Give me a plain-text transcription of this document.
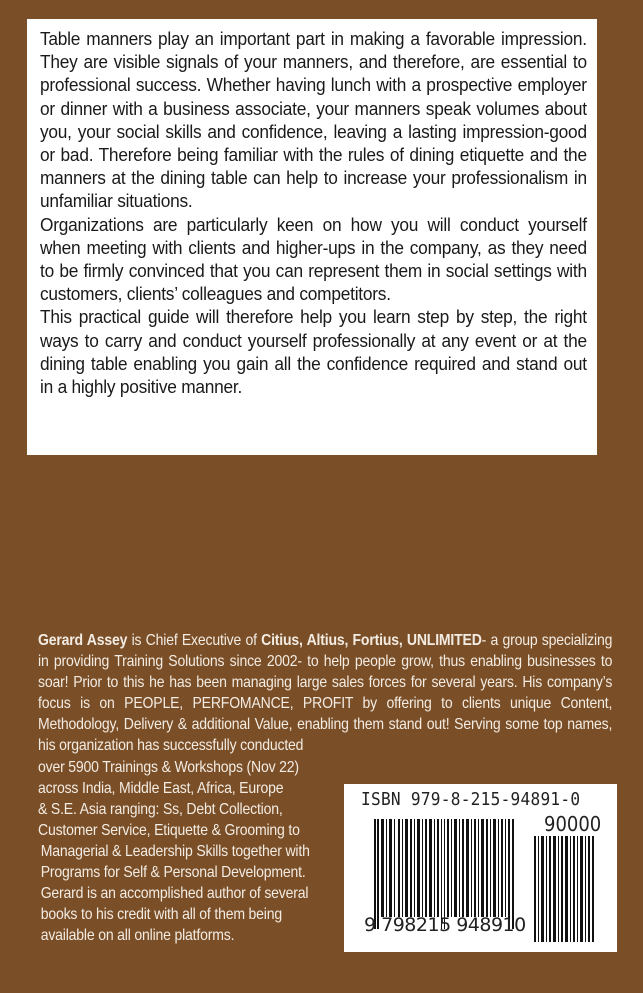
Table manners play an important part in making a favorable impression. They are visible signals of your manners, and therefore, are essential to professional success. Whether having lunch with a prospective employer or dinner with a business associate, your manners speak volumes about you, your social skills and confidence, leaving a lasting impression-good or bad. Therefore being familiar with the rules of dining etiquette and the manners at the dining table can help to increase your professionalism in unfamiliar situations.

Organizations are particularly keen on how you will conduct yourself when meeting with clients and higher-ups in the company, as they need to be firmly convinced that you can represent them in social settings with customers, clients’ colleagues and competitors.

This practical guide will therefore help you learn step by step, the right ways to carry and conduct yourself professionally at any event or at the dining table enabling you gain all the confidence required and stand out in a highly positive manner.

Gerard Assey is Chief Executive of Citius, Altius, Fortius, UNLIMITED- a group specializing in providing Training Solutions since 2002- to help people grow, thus enabling businesses to soar! Prior to this he has been managing large sales forces for several years. His company’s focus is on PEOPLE, PERFOMANCE, PROFIT by offering to clients unique Content, Methodology, Delivery & additional Value, enabling them stand out! Serving some top names, his organization has successfully conducted
over 5900 Trainings & Workshops (Nov 22)
across India, Middle East, Africa, Europe
& S.E. Asia ranging: Ss, Debt Collection,
Customer Service, Etiquette & Grooming to
Managerial & Leadership Skills together with
Programs for Self & Personal Development.
Gerard is an accomplished author of several
books to his credit with all of them being
available on all online platforms.
ISBN 979-8-215-94891-0
90000
9 798215 948910
